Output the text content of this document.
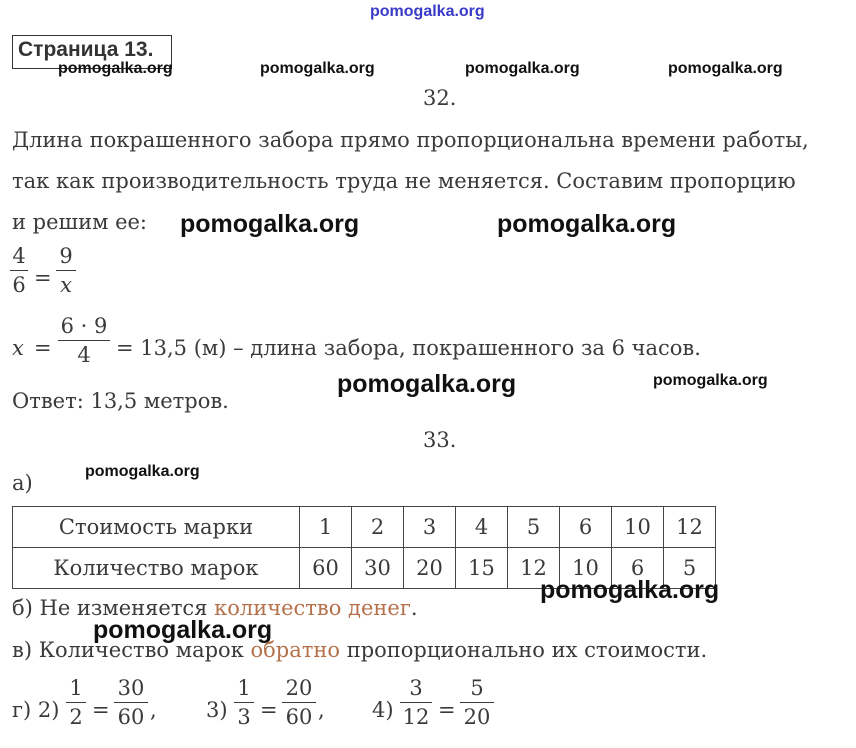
pomogalka.org
Страница 13.
pomogalka.org	pomogalka.org	pomogalka.org	pomogalka.org
32.
Длина покрашенного забора прямо пропорциональна времени работы,
так как производительность труда не меняется. Составим пропорцию
и решим ее: pomogalka.org	pomogalka.org
4
6 =
9
x
x =
6 · 9
4	= 13,5 (м) – длина забора, покрашенного за 6 часов.
pomogalka.org	pomogalka.org
Ответ: 13,5 метров.
33.
а)	pomogalka.org
Стоимость марки	1	2	3	4	5	6	10	12
Количество марок	60	30	20	15	12	10	6	5
pomogalka.org
б) Не изменяется количество денег.
pomogalka.org
в) Количество марок обратно пропорционально их стоимости.
г) 2)
1
2 =
30
60 , 3)
1
3 =
20
60 , 4)
3
12 =
5
20
